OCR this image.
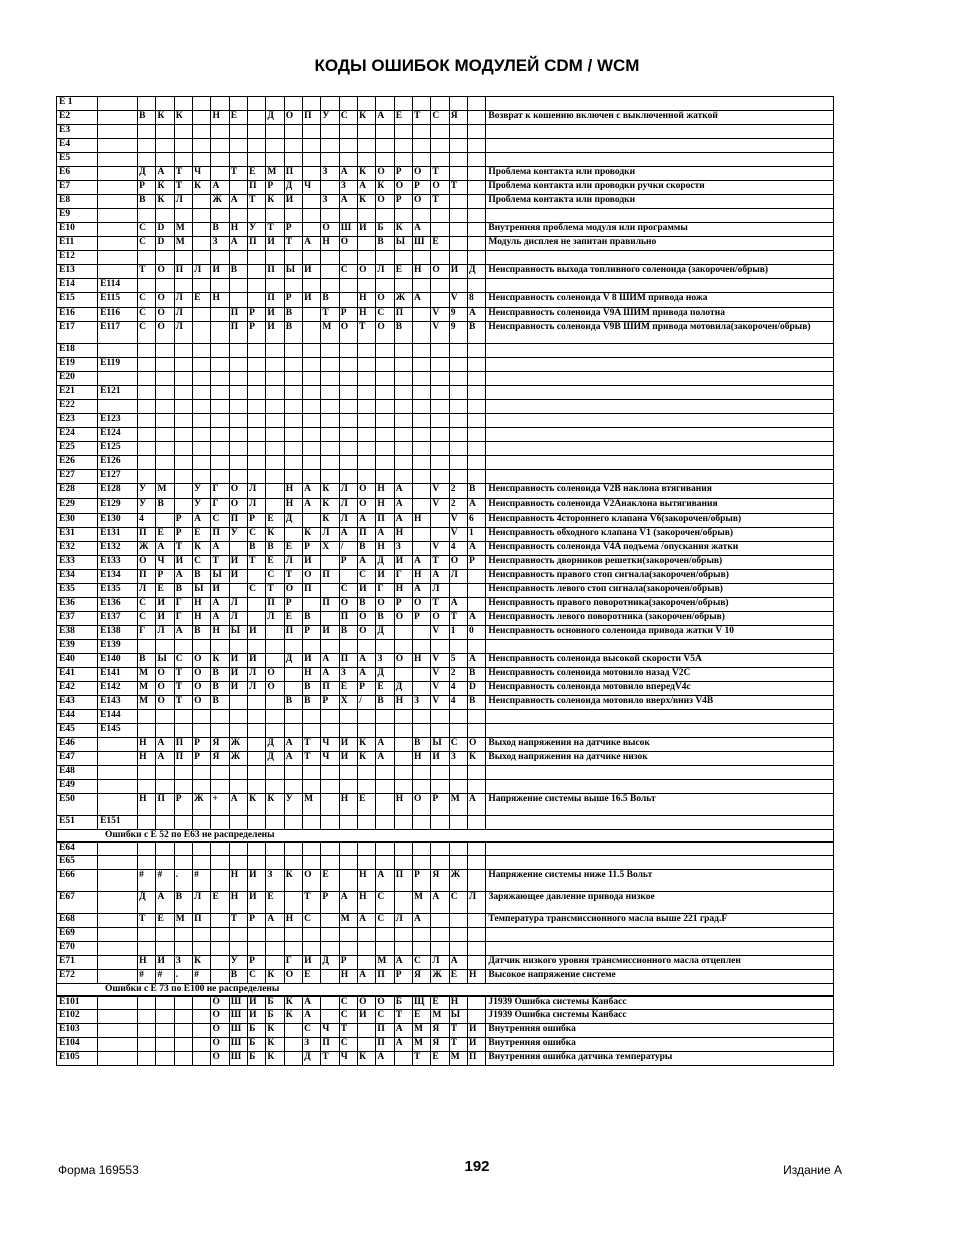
КОДЫ ОШИБОК МОДУЛЕЙ CDM / WCM
E 1																					
E2		В	К	К		Н	Е		Д	О	П	У	С	К	А	Е	Т	С	Я		Возврат к кошению включен с выключенной жаткой
E3																					
E4																					
E5																					
E6		Д	А	Т	Ч		Т	Е	М	П		З	А	К	О	Р	О	Т			Проблема контакта или проводки
E7		Р	К	Т	К	А		П	Р	Д	Ч		З	А	К	О	Р	О	Т		Проблема контакта или проводки ручки скорости
E8		В	К	Л		Ж	А	Т	К	И		З	А	К	О	Р	О	Т			Проблема контакта или проводки
E9																					
E10		С	D	М		В	Н	У	Т	Р		О	Ш	И	Б	К	А				Внутренняя проблема модуля или программы
E11		С	D	М		З	А	П	И	Т	А	Н	О		В	Ы	Ш	Е			Модуль дисплея не запитан правильно
E12																					
E13		Т	О	П	Л	И	В		П	Ы	И		С	О	Л	Е	Н	О	И	Д	Неисправность выхода топливного соленоида (закорочен/обрыв)
E14	E114																				
E15	E115	С	О	Л	Е	Н			П	Р	И	В		Н	О	Ж	А		V	8	Неисправность соленоида V 8 ШИМ привода ножа
E16	E116	С	О	Л			П	Р	И	В		Т	Р	Н	С	П		V	9	А	Неисправность соленоида V9A ШИМ привода полотна
E17	E117	С	О	Л			П	Р	И	В		М	О	Т	О	В		V	9	В	Неисправность соленоида V9B ШИМ привода мотовила(закорочен/обрыв)
E18																					
E19	E119																				
E20																					
E21	E121																				
E22																					
E23	E123																				
E24	E124																				
E25	E125																				
E26	E126																				
E27	E127																				
E28	E128	У	М		У	Г	О	Л		Н	А	К	Л	О	Н	А		V	2	В	Неисправность соленоида V2B наклона втягивания
E29	E129	У	В		У	Г	О	Л		Н	А	К	Л	О	Н	А		V	2	А	Неисправность соленоида V2Анаклона вытягивания
E30	E130	4		Р	А	С	П	Р	Е	Д		К	Л	А	П	А	Н		V	6	Неисправность 4стороннего клапана V6(закорочен/обрыв)
E31	E131	П	Е	Р	Е	П	У	С	К		К	Л	А	П	А	Н			V	1	Неисправность обходного клапана V1 (закорочен/обрыв)
E32	E132	Ж	А	Т	К	А		В	В	Е	Р	Х	/	В	Н	З		V	4	А	Неисправность соленоида V4A подъема /опускания жатки
E33	E133	О	Ч	И	С	Т	И	Т	Е	Л	И		Р	А	Д	И	А	Т	О	Р	Неисправность дворников решетки(закорочен/обрыв)
E34	E134	П	Р	А	В	Ы	И		С	Т	О	П		С	И	Г	Н	А	Л		Неисправность правого стоп сигнала(закорочен/обрыв)
E35	E135	Л	Е	В	Ы	И		С	Т	О	П		С	И	Г	Н	А	Л			Неисправность левого стоп сигнала(закорочен/обрыв)
E36	E136	С	И	Г	Н	А	Л		П	Р		П	О	В	О	Р	О	Т	А		Неисправность правого поворотника(закорочен/обрыв)
E37	E137	С	И	Г	Н	А	Л		Л	Е	В		П	О	В	О	Р	О	Т	А	Неисправность левого поворотника (закорочен/обрыв)
E38	E138	Г	Л	А	В	Н	Ы	И		П	Р	И	В	О	Д			V	1	0	Неисправность основного соленоида привода жатки V 10
E39	E139																				
E40	E140	В	Ы	С	О	К	И	Й		Д	И	А	П	А	З	О	Н	V	5	А	Неисправность соленоида высокой скорости V5A
E41	E141	М	О	Т	О	В	И	Л	О		Н	А	З	А	Д			V	2	В	Неисправность соленоида мотовило назад V2C
E42	E142	М	О	Т	О	В	И	Л	О		В	П	Е	Р	Е	Д		V	4	D	Неисправность соленоида мотовило впередV4c
E43	E143	М	О	Т	О	В				В	В	Р	Х	/	В	Н	З	V	4	В	Неисправность соленоида мотовило вверх/вниз V4B
E44	E144																				
E45	E145																				
E46		Н	А	П	Р	Я	Ж		Д	А	Т	Ч	И	К	А		В	Ы	С	О	Выход напряжения на датчике высок
E47		Н	А	П	Р	Я	Ж		Д	А	Т	Ч	И	К	А		Н	И	З	К	Выход напряжения на датчике низок
E48																					
E49																					
E50		Н	П	Р	Ж	+	А	К	К	У	М		Н	Е		Н	О	Р	М	А	Напряжение системы выше 16.5 Вольт
E51	E151																				
Ошибки с Е 52 по Е63 не распределены																					
E64																					
E65																					
E66		#	#	.	#		Н	И	З	К	О	Е		Н	А	П	Р	Я	Ж		Напряжение системы ниже 11.5 Вольт
E67		Д	А	В	Л	Е	Н	И	Е		Т	Р	А	Н	С		М	А	С	Л	Заряжающее давление привода низкое
E68		Т	Е	М	П		Т	Р	А	Н	С		М	А	С	Л	А				Температура трансмиссионного масла выше 221 град.F
E69																					
E70																					
E71		Н	И	З	К		У	Р		Г	И	Д	Р		М	А	С	Л	А		Датчик низкого уровня трансмиссионного масла отцеплен
E72		#	#	.	#		В	С	К	О	Е		Н	А	П	Р	Я	Ж	Е	Н	Высокое напряжение системе
Ошибки с Е 73 по Е100 не распределены																					
E101						О	Ш	И	Б	К	А		С	О	О	Б	Щ	Е	Н		J1939 Ошибка системы Канбасс
E102						О	Ш	И	Б	К	А		С	И	С	Т	Е	М	Ы		J1939 Ошибка системы Канбасс
E103						О	Ш	Б	К		С	Ч	Т		П	А	М	Я	Т	И	Внутренняя ошибка
E104						О	Ш	Б	К		З	П	С		П	А	М	Я	Т	И	Внутренняя ошибка
E105						О	Ш	Б	К		Д	Т	Ч	К	А		Т	Е	М	П	Внутренняя ошибка датчика температуры
Форма 169553	192	Издание A
